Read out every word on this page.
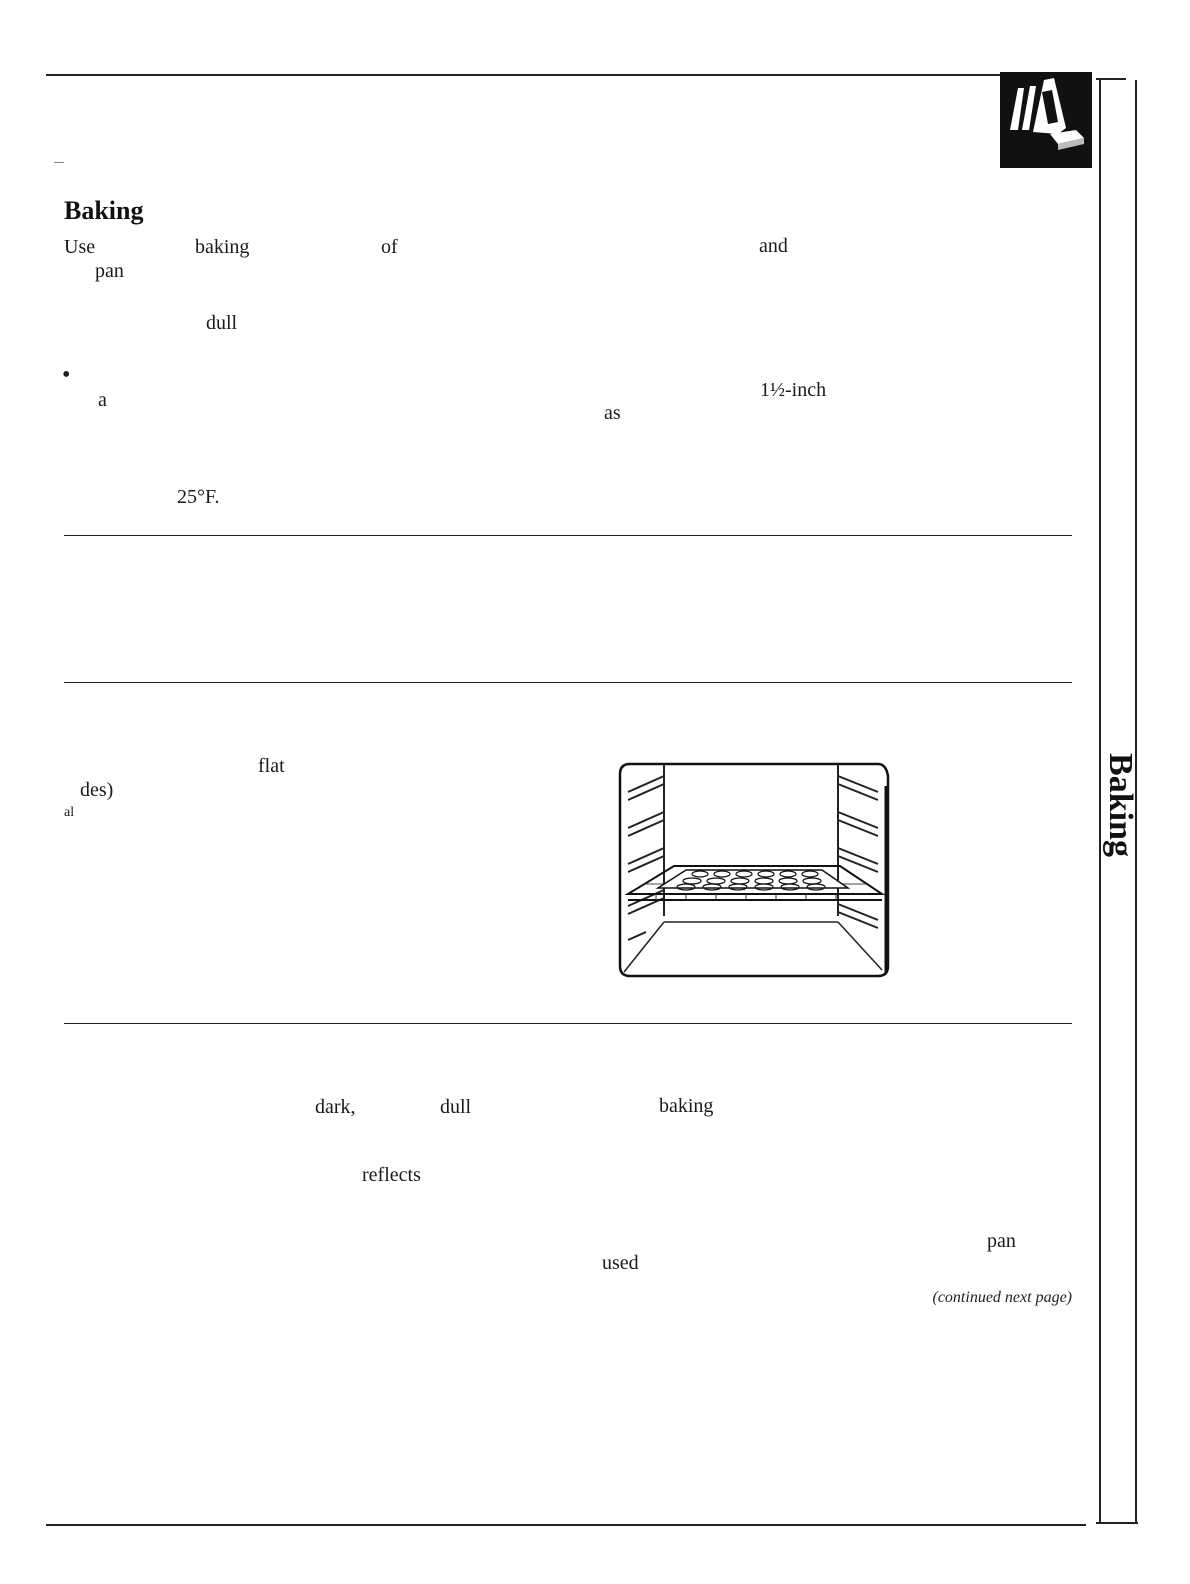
Baking
Baking
Use	baking	of	and
pan
dull
•
a	1½-inch
as
25°F.
flat
des)
al
dark,	dull	baking
reflects
pan
used
(continued next page)
